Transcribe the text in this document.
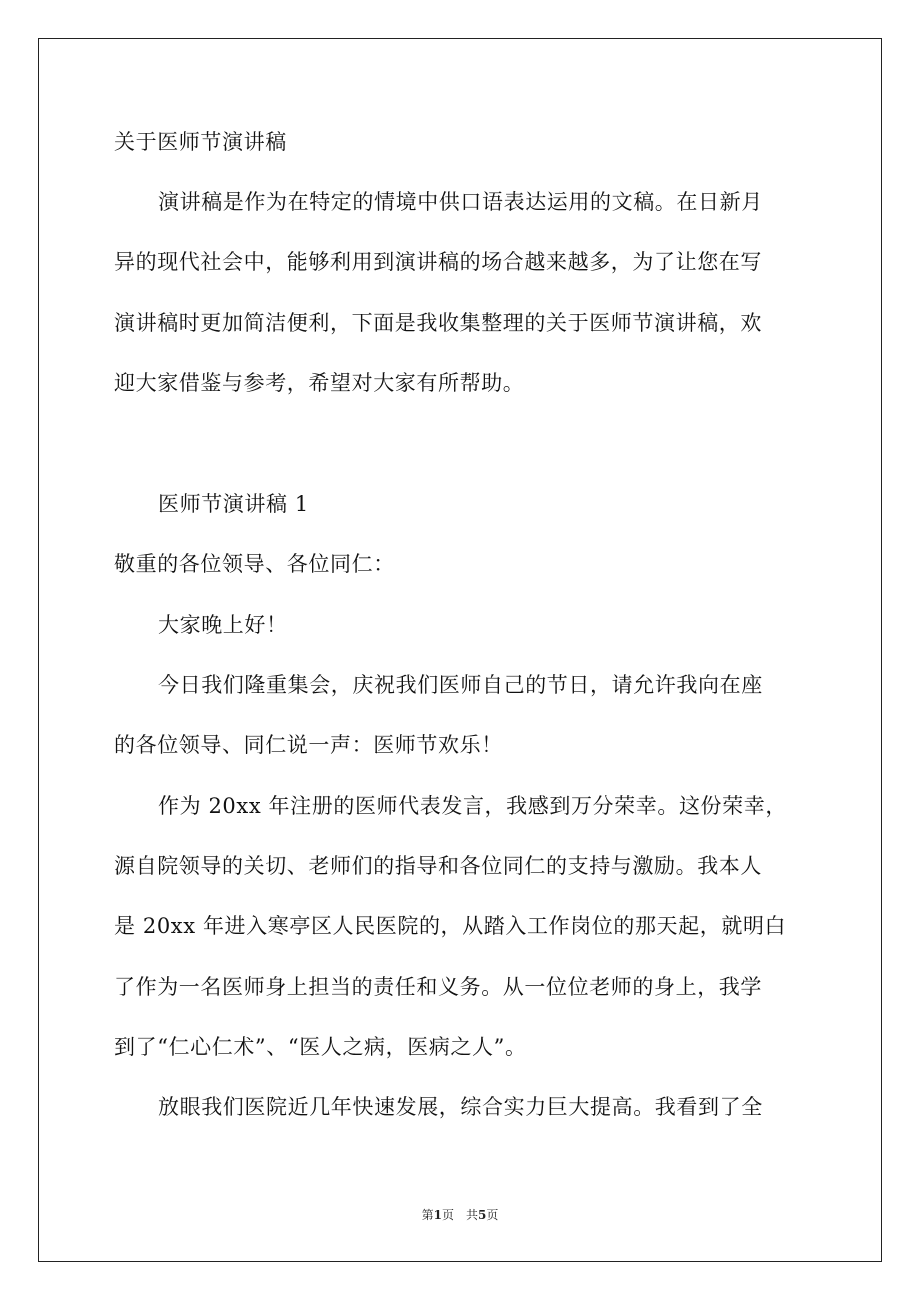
关于医师节演讲稿
演讲稿是作为在特定的情境中供口语表达运用的文稿。在日新月
异的现代社会中，能够利用到演讲稿的场合越来越多，为了让您在写
演讲稿时更加简洁便利，下面是我收集整理的关于医师节演讲稿，欢
迎大家借鉴与参考，希望对大家有所帮助。
医师节演讲稿 1
敬重的各位领导、各位同仁：
大家晚上好！
今日我们隆重集会，庆祝我们医师自己的节日，请允许我向在座
的各位领导、同仁说一声：医师节欢乐！
作为 20xx 年注册的医师代表发言，我感到万分荣幸。这份荣幸，
源自院领导的关切、老师们的指导和各位同仁的支持与激励。我本人
是 20xx 年进入寒亭区人民医院的，从踏入工作岗位的那天起，就明白
了作为一名医师身上担当的责任和义务。从一位位老师的身上，我学
到了“仁心仁术”、“医人之病，医病之人”。
放眼我们医院近几年快速发展，综合实力巨大提高。我看到了全
第1页　共5页
